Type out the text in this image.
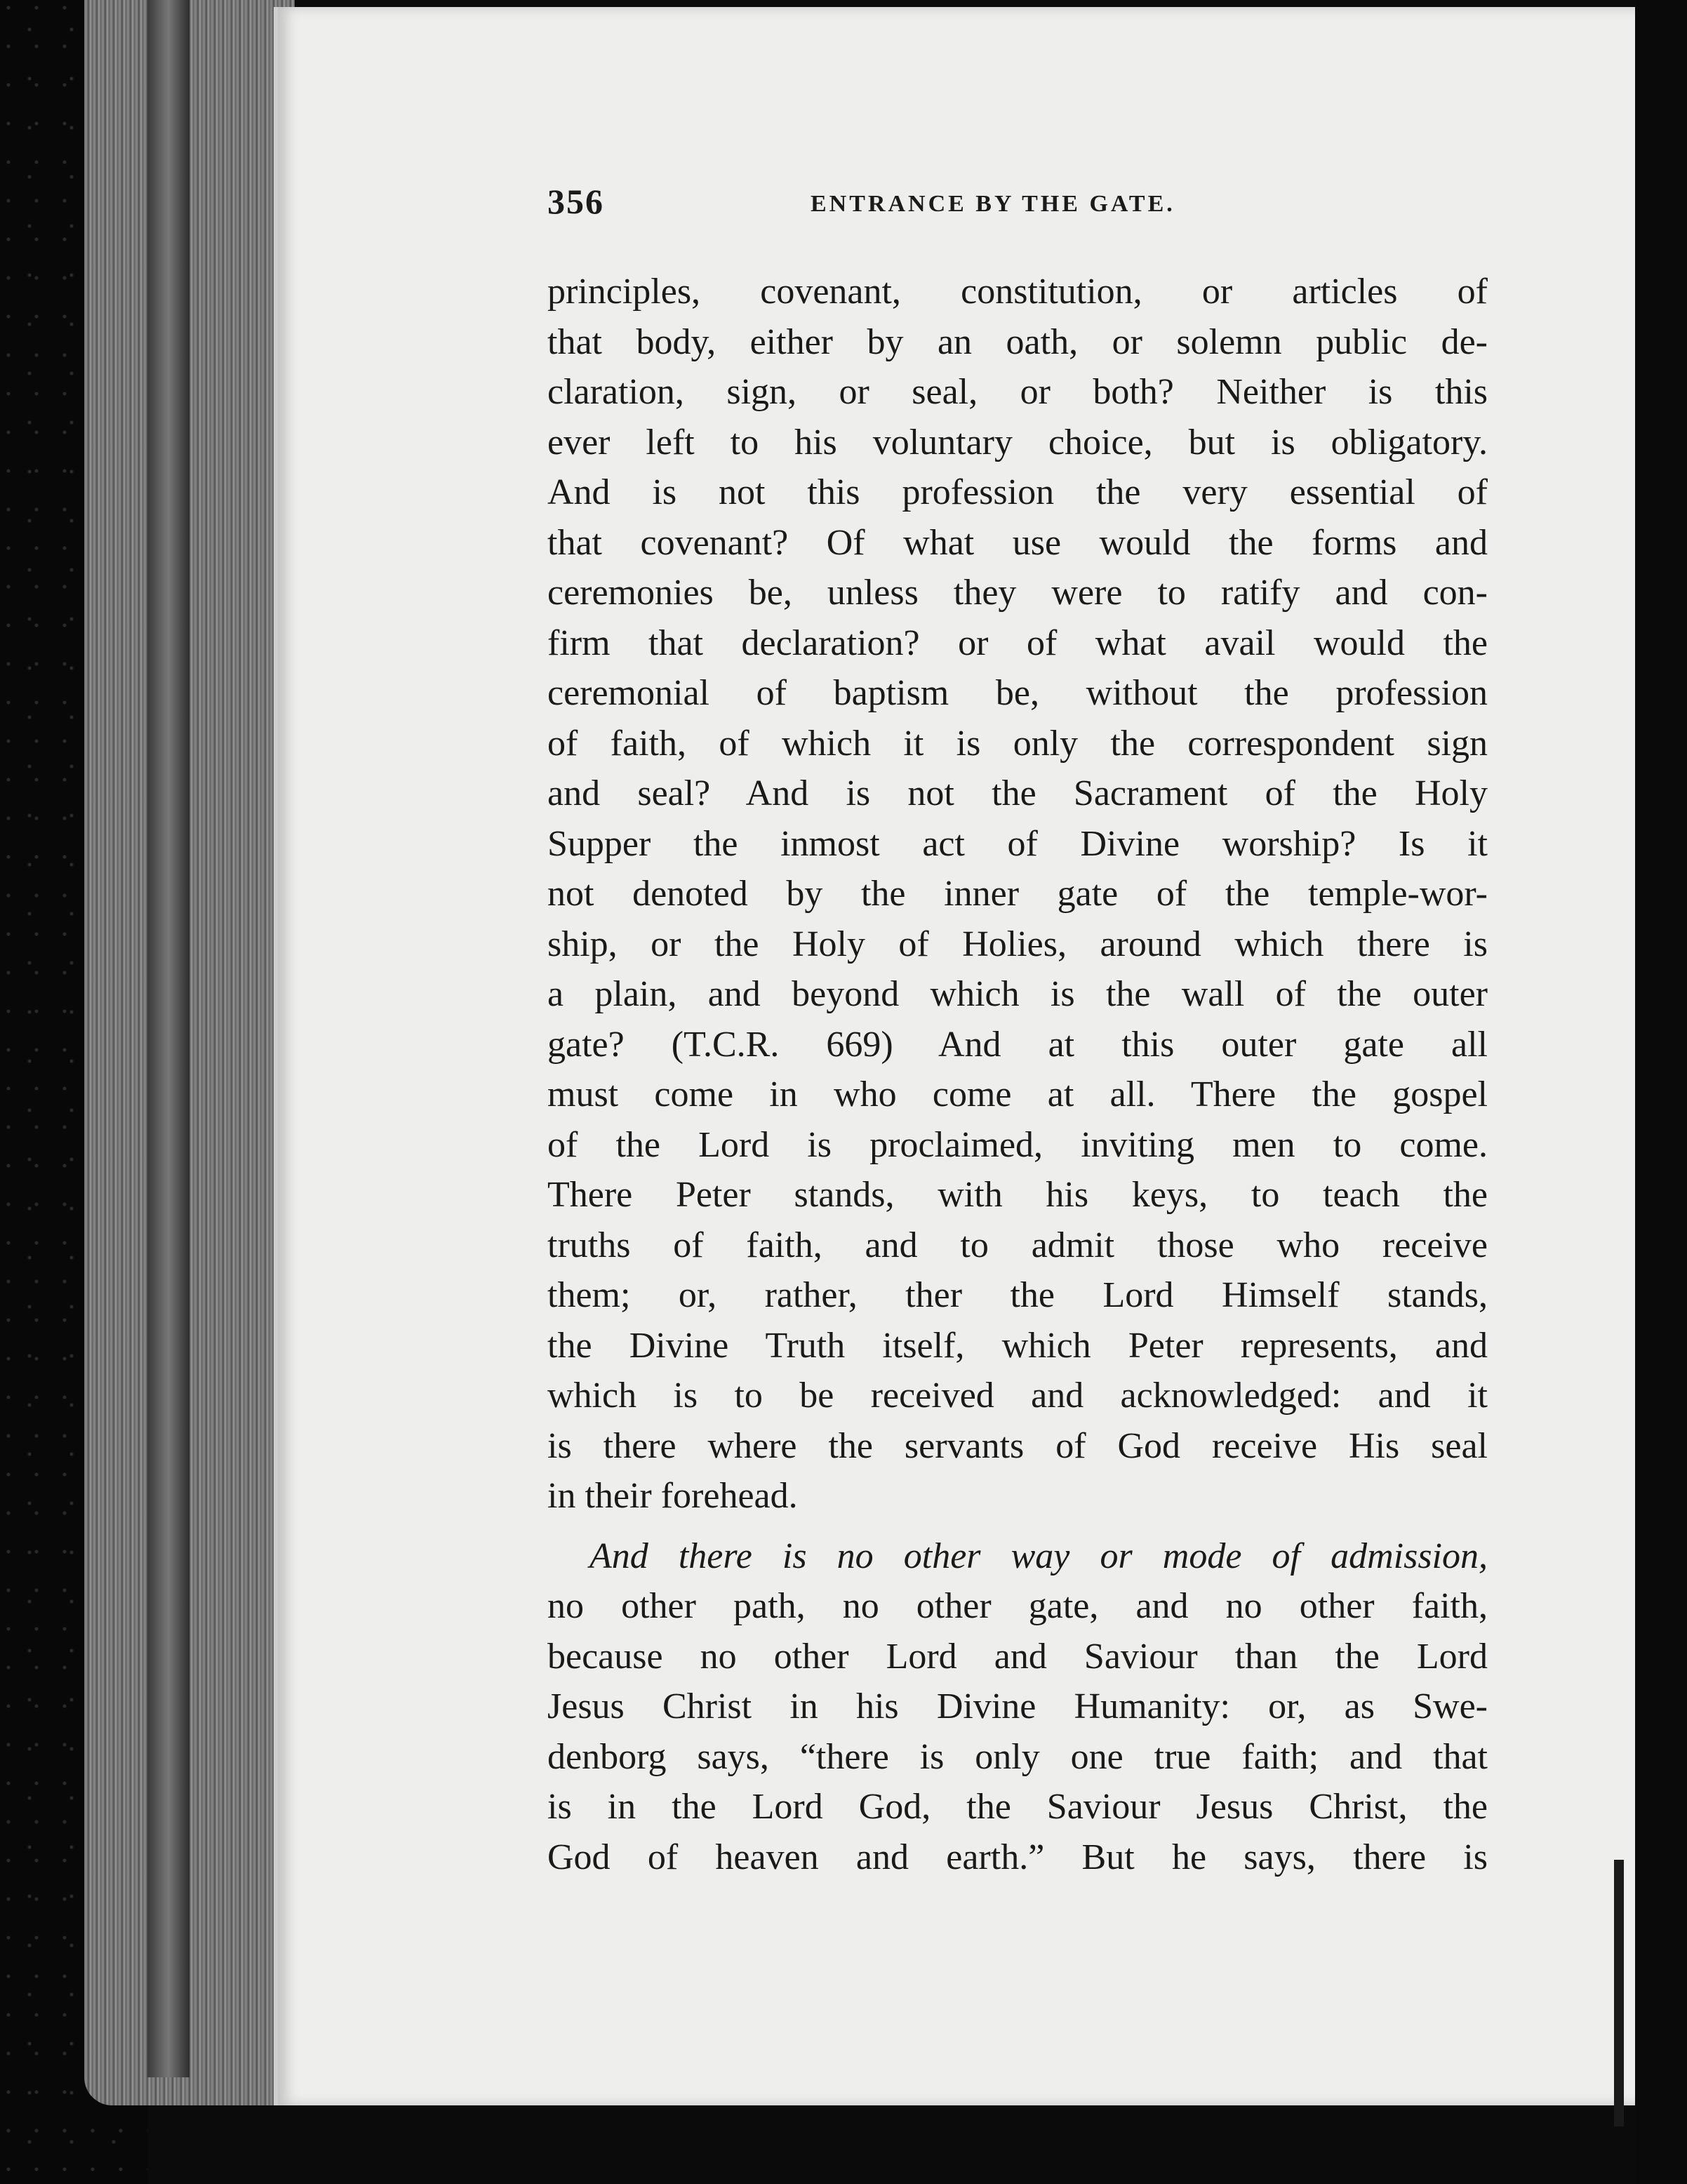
356	ENTRANCE BY THE GATE.
principles, covenant, constitution, or articles of
that body, either by an oath, or solemn public de-
claration, sign, or seal, or both? Neither is this
ever left to his voluntary choice, but is obligatory.
And is not this profession the very essential of
that covenant? Of what use would the forms and
ceremonies be, unless they were to ratify and con-
firm that declaration? or of what avail would the
ceremonial of baptism be, without the profession
of faith, of which it is only the correspondent sign
and seal? And is not the Sacrament of the Holy
Supper the inmost act of Divine worship? Is it
not denoted by the inner gate of the temple-wor-
ship, or the Holy of Holies, around which there is
a plain, and beyond which is the wall of the outer
gate? (T.C.R. 669) And at this outer gate all
must come in who come at all. There the gospel
of the Lord is proclaimed, inviting men to come.
There Peter stands, with his keys, to teach the
truths of faith, and to admit those who receive
them; or, rather, ther the Lord Himself stands,
the Divine Truth itself, which Peter represents, and
which is to be received and acknowledged: and it
is there where the servants of God receive His seal
in their forehead.
And there is no other way or mode of admission,
no other path, no other gate, and no other faith,
because no other Lord and Saviour than the Lord
Jesus Christ in his Divine Humanity: or, as Swe-
denborg says, “there is only one true faith; and that
is in the Lord God, the Saviour Jesus Christ, the
God of heaven and earth.” But he says, there is
